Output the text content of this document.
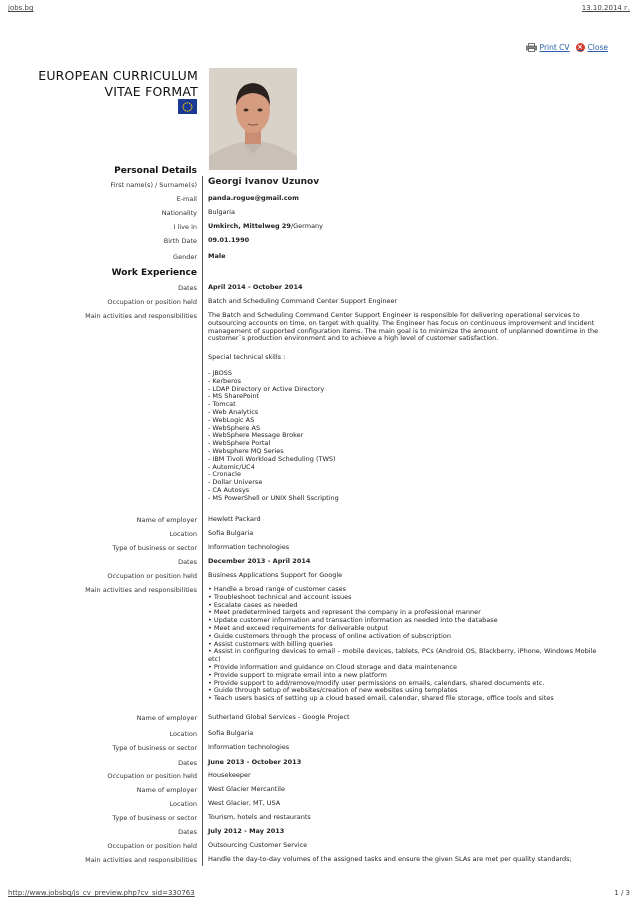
jobs.bg	13.10.2014 г.
http://www.jobsbg/js_cv_preview.php?cv_sid=330763	1 / 3
Print CV × Close
EUROPEAN CURRICULUM
VITAE FORMAT
Personal Details
First name(s) / Surname(s) Georgi Ivanov Uzunov
E-mail panda.rogue@gmail.com
Nationality Bulgaria
I live in Umkirch, Mittelweg 29/Germany
Birth Date 09.01.1990
Gender Male
Work Experience
Dates April 2014 - October 2014
Occupation or position held Batch and Scheduling Command Center Support Engineer
Main activities and responsibilities The Batch and Scheduling Command Center Support Engineer is responsible for delivering operational services to outsourcing accounts on time, on target with quality. The Engineer has focus on continuous improvement and Incident management of supported configuration items. The main goal is to minimize the amount of unplanned downtime in the customer`s production environment and to achieve a high level of customer satisfaction.
Special technical skills :
- JBOSS
- Kerberos
- LDAP Directory or Active Directory
- MS SharePoint
- Tomcat
- Web Analytics
- WebLogic AS
- WebSphere AS
- WebSphere Message Broker
- WebSphere Portal
- Websphere MQ Series
- IBM Tivoli Workload Scheduling (TWS)
- Automic/UC4
- Cronacle
- Dollar Universe
- CA Autosys
- MS PowerShell or UNIX Shell Sscripting
Name of employer Hewlett Packard
Location Sofia Bulgaria
Type of business or sector Information technologies
Dates December 2013 - April 2014
Occupation or position held Business Applications Support for Google
Main activities and responsibilities • Handle a broad range of customer cases
• Troubleshoot technical and account issues
• Escalate cases as needed
• Meet predetermined targets and represent the company in a professional manner
• Update customer information and transaction information as needed into the database
• Meet and exceed requirements for deliverable output
• Guide customers through the process of online activation of subscription
• Assist customers with billing queries
• Assist in configuring devices to email – mobile devices, tablets, PCs (Android OS, Blackberry, iPhone, Windows Mobile etc)
• Provide information and guidance on Cloud storage and data maintenance
• Provide support to migrate email into a new platform
• Provide support to add/remove/modify user permissions on emails, calendars, shared documents etc.
• Guide through setup of websites/creation of new websites using templates
• Teach users basics of setting up a cloud based email, calendar, shared file storage, office tools and sites
Name of employer Sutherland Global Services - Google Project
Location Sofia Bulgaria
Type of business or sector Information technologies
Dates June 2013 - October 2013
Occupation or position held Housekeeper
Name of employer West Glacier Mercantile
Location West Glacier, MT, USA
Type of business or sector Tourism, hotels and restaurants
Dates July 2012 - May 2013
Occupation or position held Outsourcing Customer Service
Main activities and responsibilities Handle the day-to-day volumes of the assigned tasks and ensure the given SLAs are met per quality standards;
